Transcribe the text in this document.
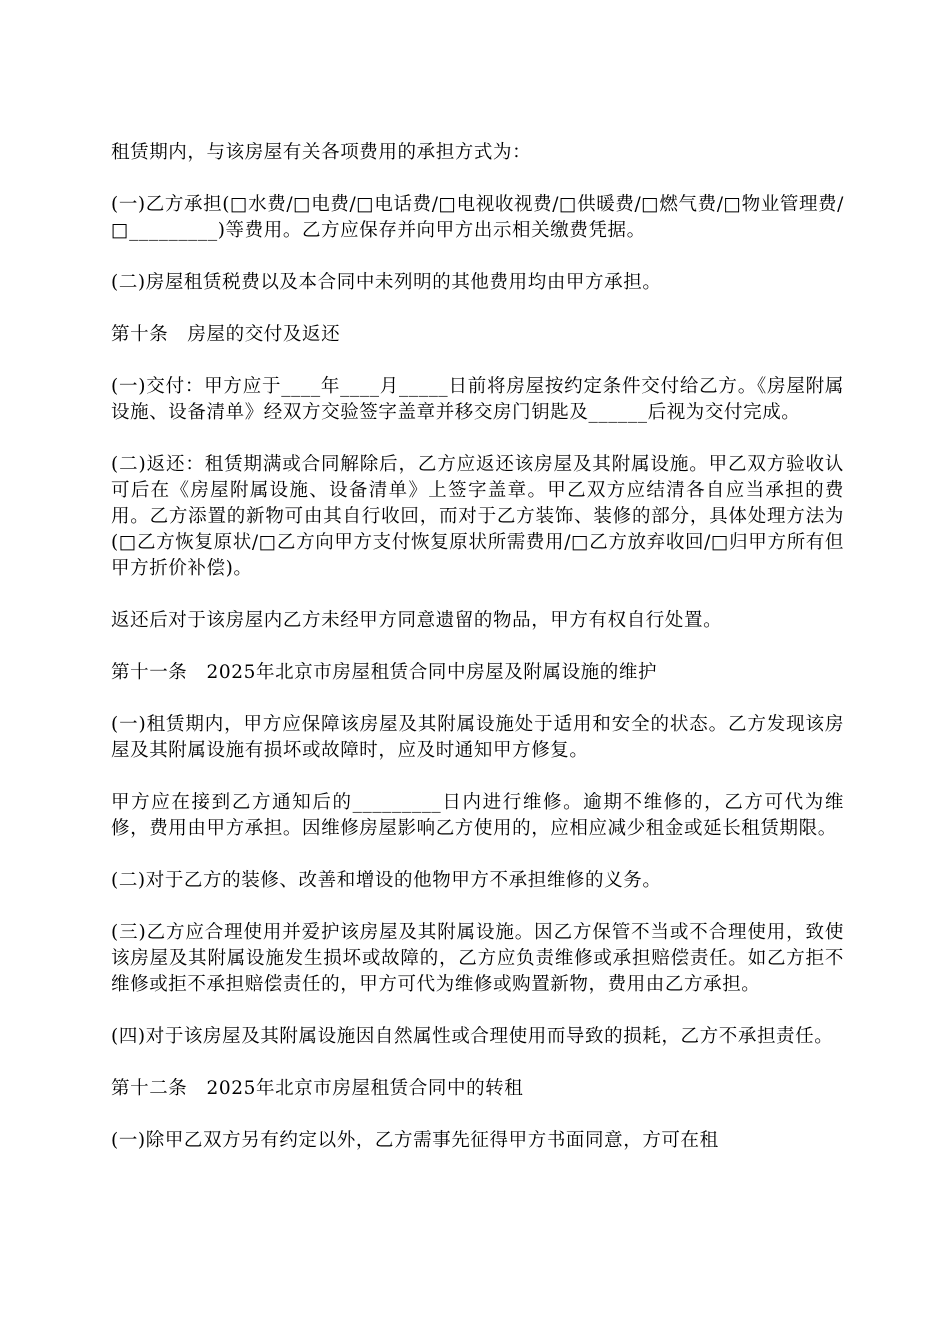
租赁期内，与该房屋有关各项费用的承担方式为：

(一)乙方承担(□水费/□电费/□电话费/□电视收视费/□供暖费/□燃气费/□物业管理费/□_________)等费用。乙方应保存并向甲方出示相关缴费凭据。

(二)房屋租赁税费以及本合同中未列明的其他费用均由甲方承担。

第十条　房屋的交付及返还

(一)交付：甲方应于____年____月_____日前将房屋按约定条件交付给乙方。《房屋附属设施、设备清单》经双方交验签字盖章并移交房门钥匙及______后视为交付完成。

(二)返还：租赁期满或合同解除后，乙方应返还该房屋及其附属设施。甲乙双方验收认可后在《房屋附属设施、设备清单》上签字盖章。甲乙双方应结清各自应当承担的费用。乙方添置的新物可由其自行收回，而对于乙方装饰、装修的部分，具体处理方法为(□乙方恢复原状/□乙方向甲方支付恢复原状所需费用/□乙方放弃收回/□归甲方所有但甲方折价补偿)。

返还后对于该房屋内乙方未经甲方同意遗留的物品，甲方有权自行处置。

第十一条　2025年北京市房屋租赁合同中房屋及附属设施的维护

(一)租赁期内，甲方应保障该房屋及其附属设施处于适用和安全的状态。乙方发现该房屋及其附属设施有损坏或故障时，应及时通知甲方修复。

甲方应在接到乙方通知后的_________日内进行维修。逾期不维修的，乙方可代为维修，费用由甲方承担。因维修房屋影响乙方使用的，应相应减少租金或延长租赁期限。

(二)对于乙方的装修、改善和增设的他物甲方不承担维修的义务。

(三)乙方应合理使用并爱护该房屋及其附属设施。因乙方保管不当或不合理使用，致使该房屋及其附属设施发生损坏或故障的，乙方应负责维修或承担赔偿责任。如乙方拒不维修或拒不承担赔偿责任的，甲方可代为维修或购置新物，费用由乙方承担。

(四)对于该房屋及其附属设施因自然属性或合理使用而导致的损耗，乙方不承担责任。

第十二条　2025年北京市房屋租赁合同中的转租

(一)除甲乙双方另有约定以外，乙方需事先征得甲方书面同意，方可在租
